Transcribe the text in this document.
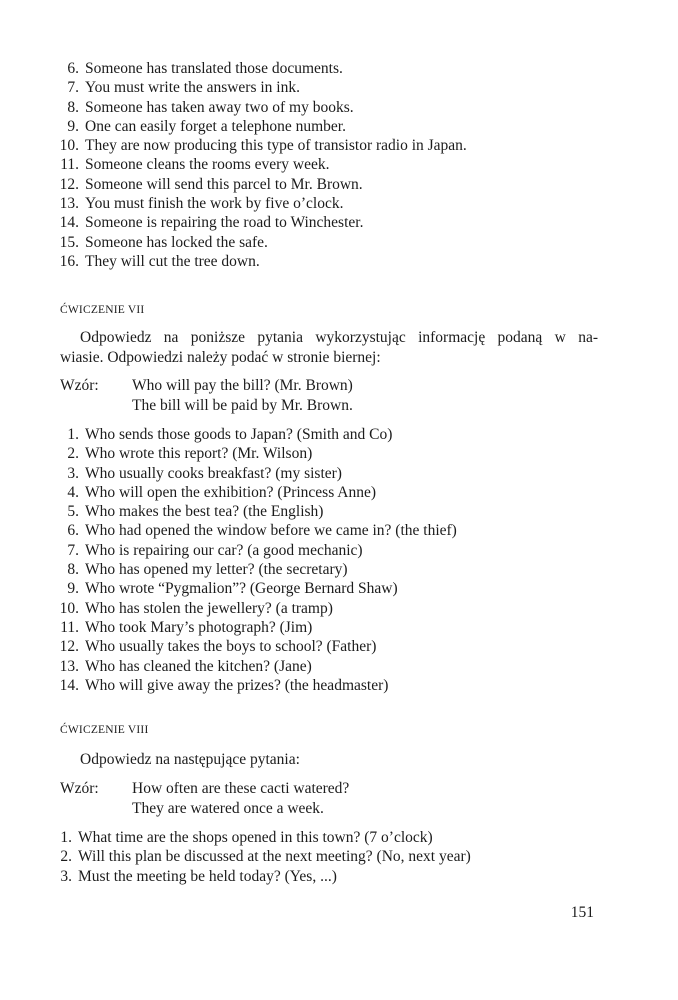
6. Someone has translated those documents.
7. You must write the answers in ink.
8. Someone has taken away two of my books.
9. One can easily forget a telephone number.
10. They are now producing this type of transistor radio in Japan.
11. Someone cleans the rooms every week.
12. Someone will send this parcel to Mr. Brown.
13. You must finish the work by five o’clock.
14. Someone is repairing the road to Winchester.
15. Someone has locked the safe.
16. They will cut the tree down.
ĆWICZENIE VII
Odpowiedz na poniższe pytania wykorzystując informację podaną w na-
wiasie. Odpowiedzi należy podać w stronie biernej:
Wzór: Who will pay the bill? (Mr. Brown)
The bill will be paid by Mr. Brown.
1. Who sends those goods to Japan? (Smith and Co)
2. Who wrote this report? (Mr. Wilson)
3. Who usually cooks breakfast? (my sister)
4. Who will open the exhibition? (Princess Anne)
5. Who makes the best tea? (the English)
6. Who had opened the window before we came in? (the thief)
7. Who is repairing our car? (a good mechanic)
8. Who has opened my letter? (the secretary)
9. Who wrote “Pygmalion”? (George Bernard Shaw)
10. Who has stolen the jewellery? (a tramp)
11. Who took Mary’s photograph? (Jim)
12. Who usually takes the boys to school? (Father)
13. Who has cleaned the kitchen? (Jane)
14. Who will give away the prizes? (the headmaster)
ĆWICZENIE VIII
Odpowiedz na następujące pytania:
Wzór: How often are these cacti watered?
They are watered once a week.
1. What time are the shops opened in this town? (7 o’clock)
2. Will this plan be discussed at the next meeting? (No, next year)
3. Must the meeting be held today? (Yes, ...)
151
